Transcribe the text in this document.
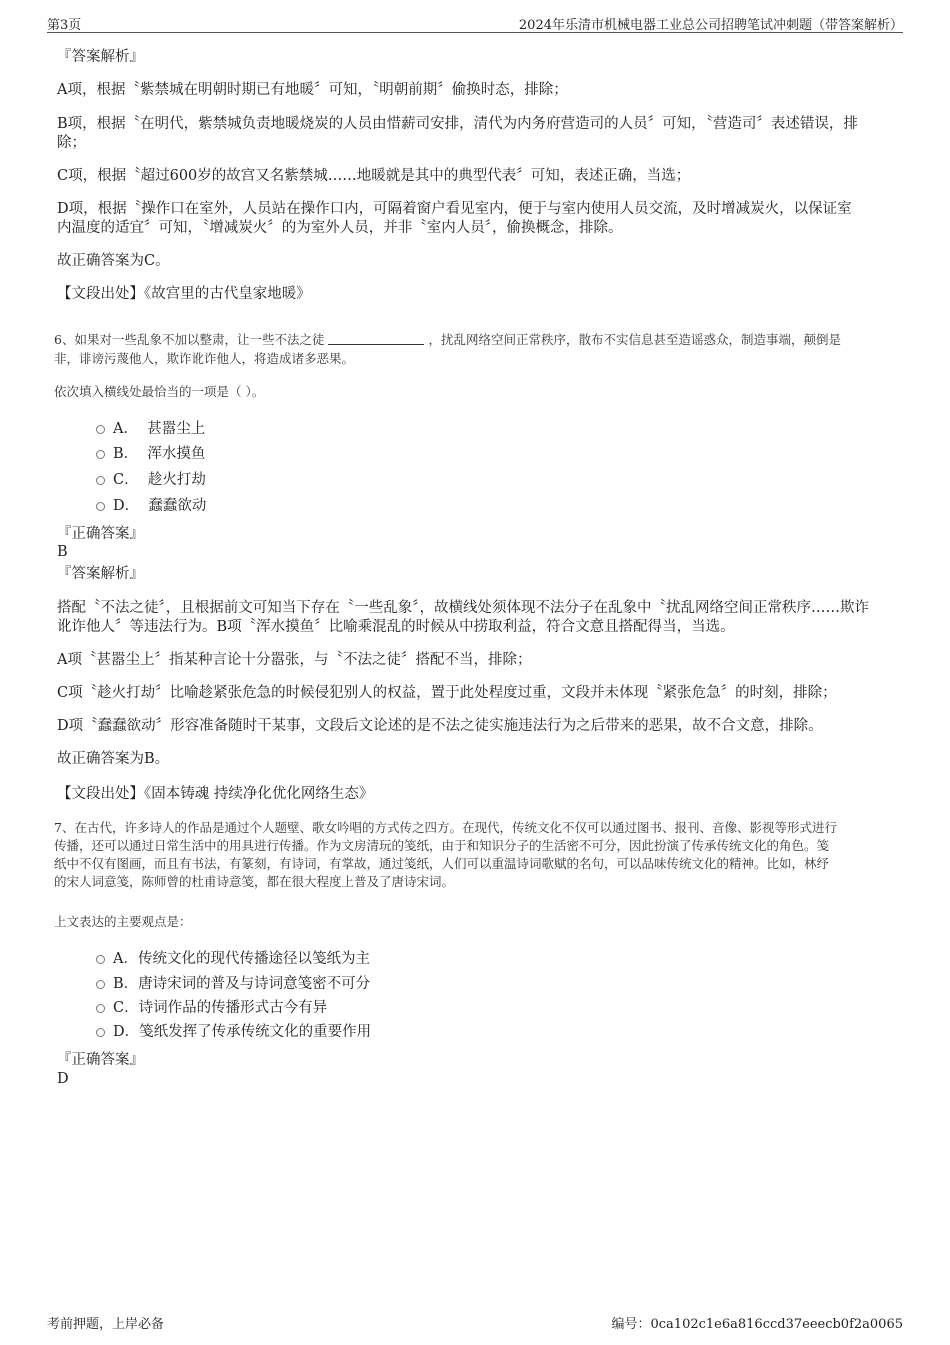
第3页	2024年乐清市机械电器工业总公司招聘笔试冲刺题（带答案解析）
『答案解析』
A项，根据〝紫禁城在明朝时期已有地暖〞可知，〝明朝前期〞偷换时态，排除；
B项，根据〝在明代，紫禁城负责地暖烧炭的人员由惜薪司安排，清代为内务府营造司的人员〞可知，〝营造司〞表述错误，排
除；
C项，根据〝超过600岁的故宫又名紫禁城……地暖就是其中的典型代表〞可知，表述正确，当选；
D项，根据〝操作口在室外，人员站在操作口内，可隔着窗户看见室内，便于与室内使用人员交流，及时增减炭火，以保证室
内温度的适宜〞可知，〝增减炭火〞的为室外人员，并非〝室内人员〞，偷换概念，排除。
故正确答案为C。
【文段出处】《故宫里的古代皇家地暖》
6、如果对一些乱象不加以整肃，让一些不法之徒	，扰乱网络空间正常秩序，散布不实信息甚至造谣惑众，制造事端，颠倒是
非，诽谤污蔑他人，欺诈讹诈他人，将造成诸多恶果。
依次填入横线处最恰当的一项是（ ）。
A． 甚嚣尘上
B． 浑水摸鱼
C． 趁火打劫
D． 蠢蠢欲动
『正确答案』
B
『答案解析』
搭配〝不法之徒〞，且根据前文可知当下存在〝一些乱象〞，故横线处须体现不法分子在乱象中〝扰乱网络空间正常秩序……欺诈
讹诈他人〞等违法行为。B项〝浑水摸鱼〞比喻乘混乱的时候从中捞取利益，符合文意且搭配得当，当选。
A项〝甚嚣尘上〞指某种言论十分嚣张，与〝不法之徒〞搭配不当，排除；
C项〝趁火打劫〞比喻趁紧张危急的时候侵犯别人的权益，置于此处程度过重，文段并未体现〝紧张危急〞的时刻，排除；
D项〝蠢蠢欲动〞形容准备随时干某事，文段后文论述的是不法之徒实施违法行为之后带来的恶果，故不合文意，排除。
故正确答案为B。
【文段出处】《固本铸魂 持续净化优化网络生态》
7、在古代，许多诗人的作品是通过个人题壁、歌女吟唱的方式传之四方。在现代，传统文化不仅可以通过图书、报刊、音像、影视等形式进行
传播，还可以通过日常生活中的用具进行传播。作为文房清玩的笺纸，由于和知识分子的生活密不可分，因此扮演了传承传统文化的角色。笺
纸中不仅有图画，而且有书法，有篆刻，有诗词，有掌故，通过笺纸，人们可以重温诗词歌赋的名句，可以品味传统文化的精神。比如，林纾
的宋人词意笺，陈师曾的杜甫诗意笺，都在很大程度上普及了唐诗宋词。
上文表达的主要观点是：
A．传统文化的现代传播途径以笺纸为主
B．唐诗宋词的普及与诗词意笺密不可分
C．诗词作品的传播形式古今有异
D．笺纸发挥了传承传统文化的重要作用
『正确答案』
D
考前押题，上岸必备	编号：0ca102c1e6a816ccd37eeecb0f2a0065
